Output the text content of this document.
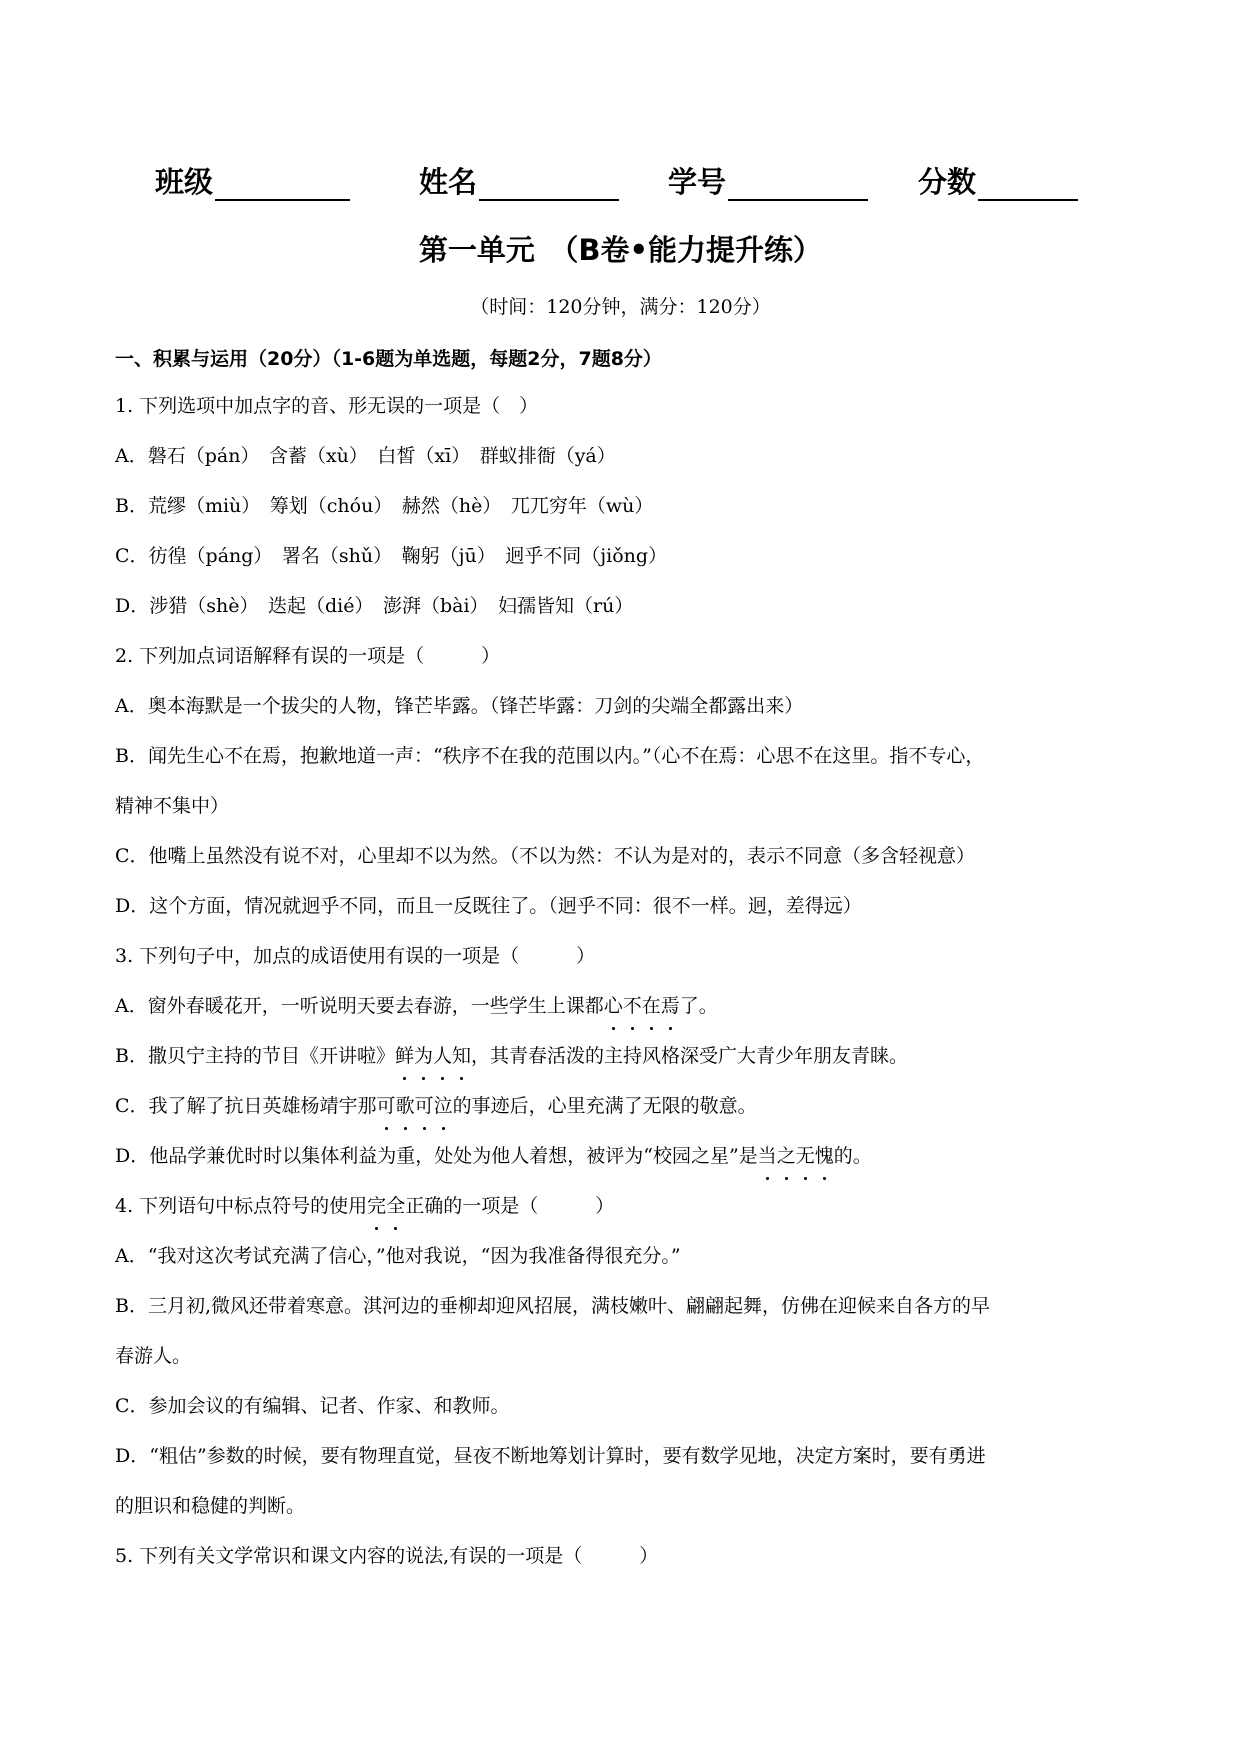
班级	姓名	学号	分数
第一单元　（B卷•能力提升练）
（时间：120分钟，满分：120分）
一、积累与运用（20分）（1-6题为单选题，每题2分，7题8分）
1. 下列选项中加点字的音、形无误的一项是（　）
A．磐石（pán）　含蓄（xù）　白皙（xī）　群蚁排衙（yá）
B．荒缪（miù）　筹划（chóu）　赫然（hè）　兀兀穷年（wù）
C．彷徨（páng）　署名（shǔ）　鞠躬（jū）　迥乎不同（jiǒng）
D．涉猎（shè）　迭起（dié）　澎湃（bài）　妇孺皆知（rú）
2. 下列加点词语解释有误的一项是（　　　）
A．奥本海默是一个拔尖的人物，锋芒毕露。（锋芒毕露：刀剑的尖端全都露出来）
B．闻先生心不在焉，抱歉地道一声：“秩序不在我的范围以内。”（心不在焉：心思不在这里。指不专心，
精神不集中）
C．他嘴上虽然没有说不对，心里却不以为然。（不以为然：不认为是对的，表示不同意（多含轻视意）
D．这个方面，情况就迥乎不同，而且一反既往了。（迥乎不同：很不一样。迥，差得远）
3. 下列句子中，加点的成语使用有误的一项是（　　　）
A．窗外春暖花开，一听说明天要去春游，一些学生上课都心不在焉了。
B．撒贝宁主持的节目《开讲啦》鲜为人知，其青春活泼的主持风格深受广大青少年朋友青睐。
C．我了解了抗日英雄杨靖宇那可歌可泣的事迹后，心里充满了无限的敬意。
D．他品学兼优时时以集体利益为重，处处为他人着想，被评为“校园之星”是当之无愧的。
4. 下列语句中标点符号的使用完全正确的一项是（　　　）
A．“我对这次考试充满了信心，”他对我说，“因为我准备得很充分。”
B．三月初,微风还带着寒意。淇河边的垂柳却迎风招展，满枝嫩叶、翩翩起舞，仿佛在迎候来自各方的早
春游人。
C．参加会议的有编辑、记者、作家、和教师。
D．“粗估”参数的时候，要有物理直觉，昼夜不断地筹划计算时，要有数学见地，决定方案时，要有勇进
的胆识和稳健的判断。
5. 下列有关文学常识和课文内容的说法,有误的一项是（　　　）
